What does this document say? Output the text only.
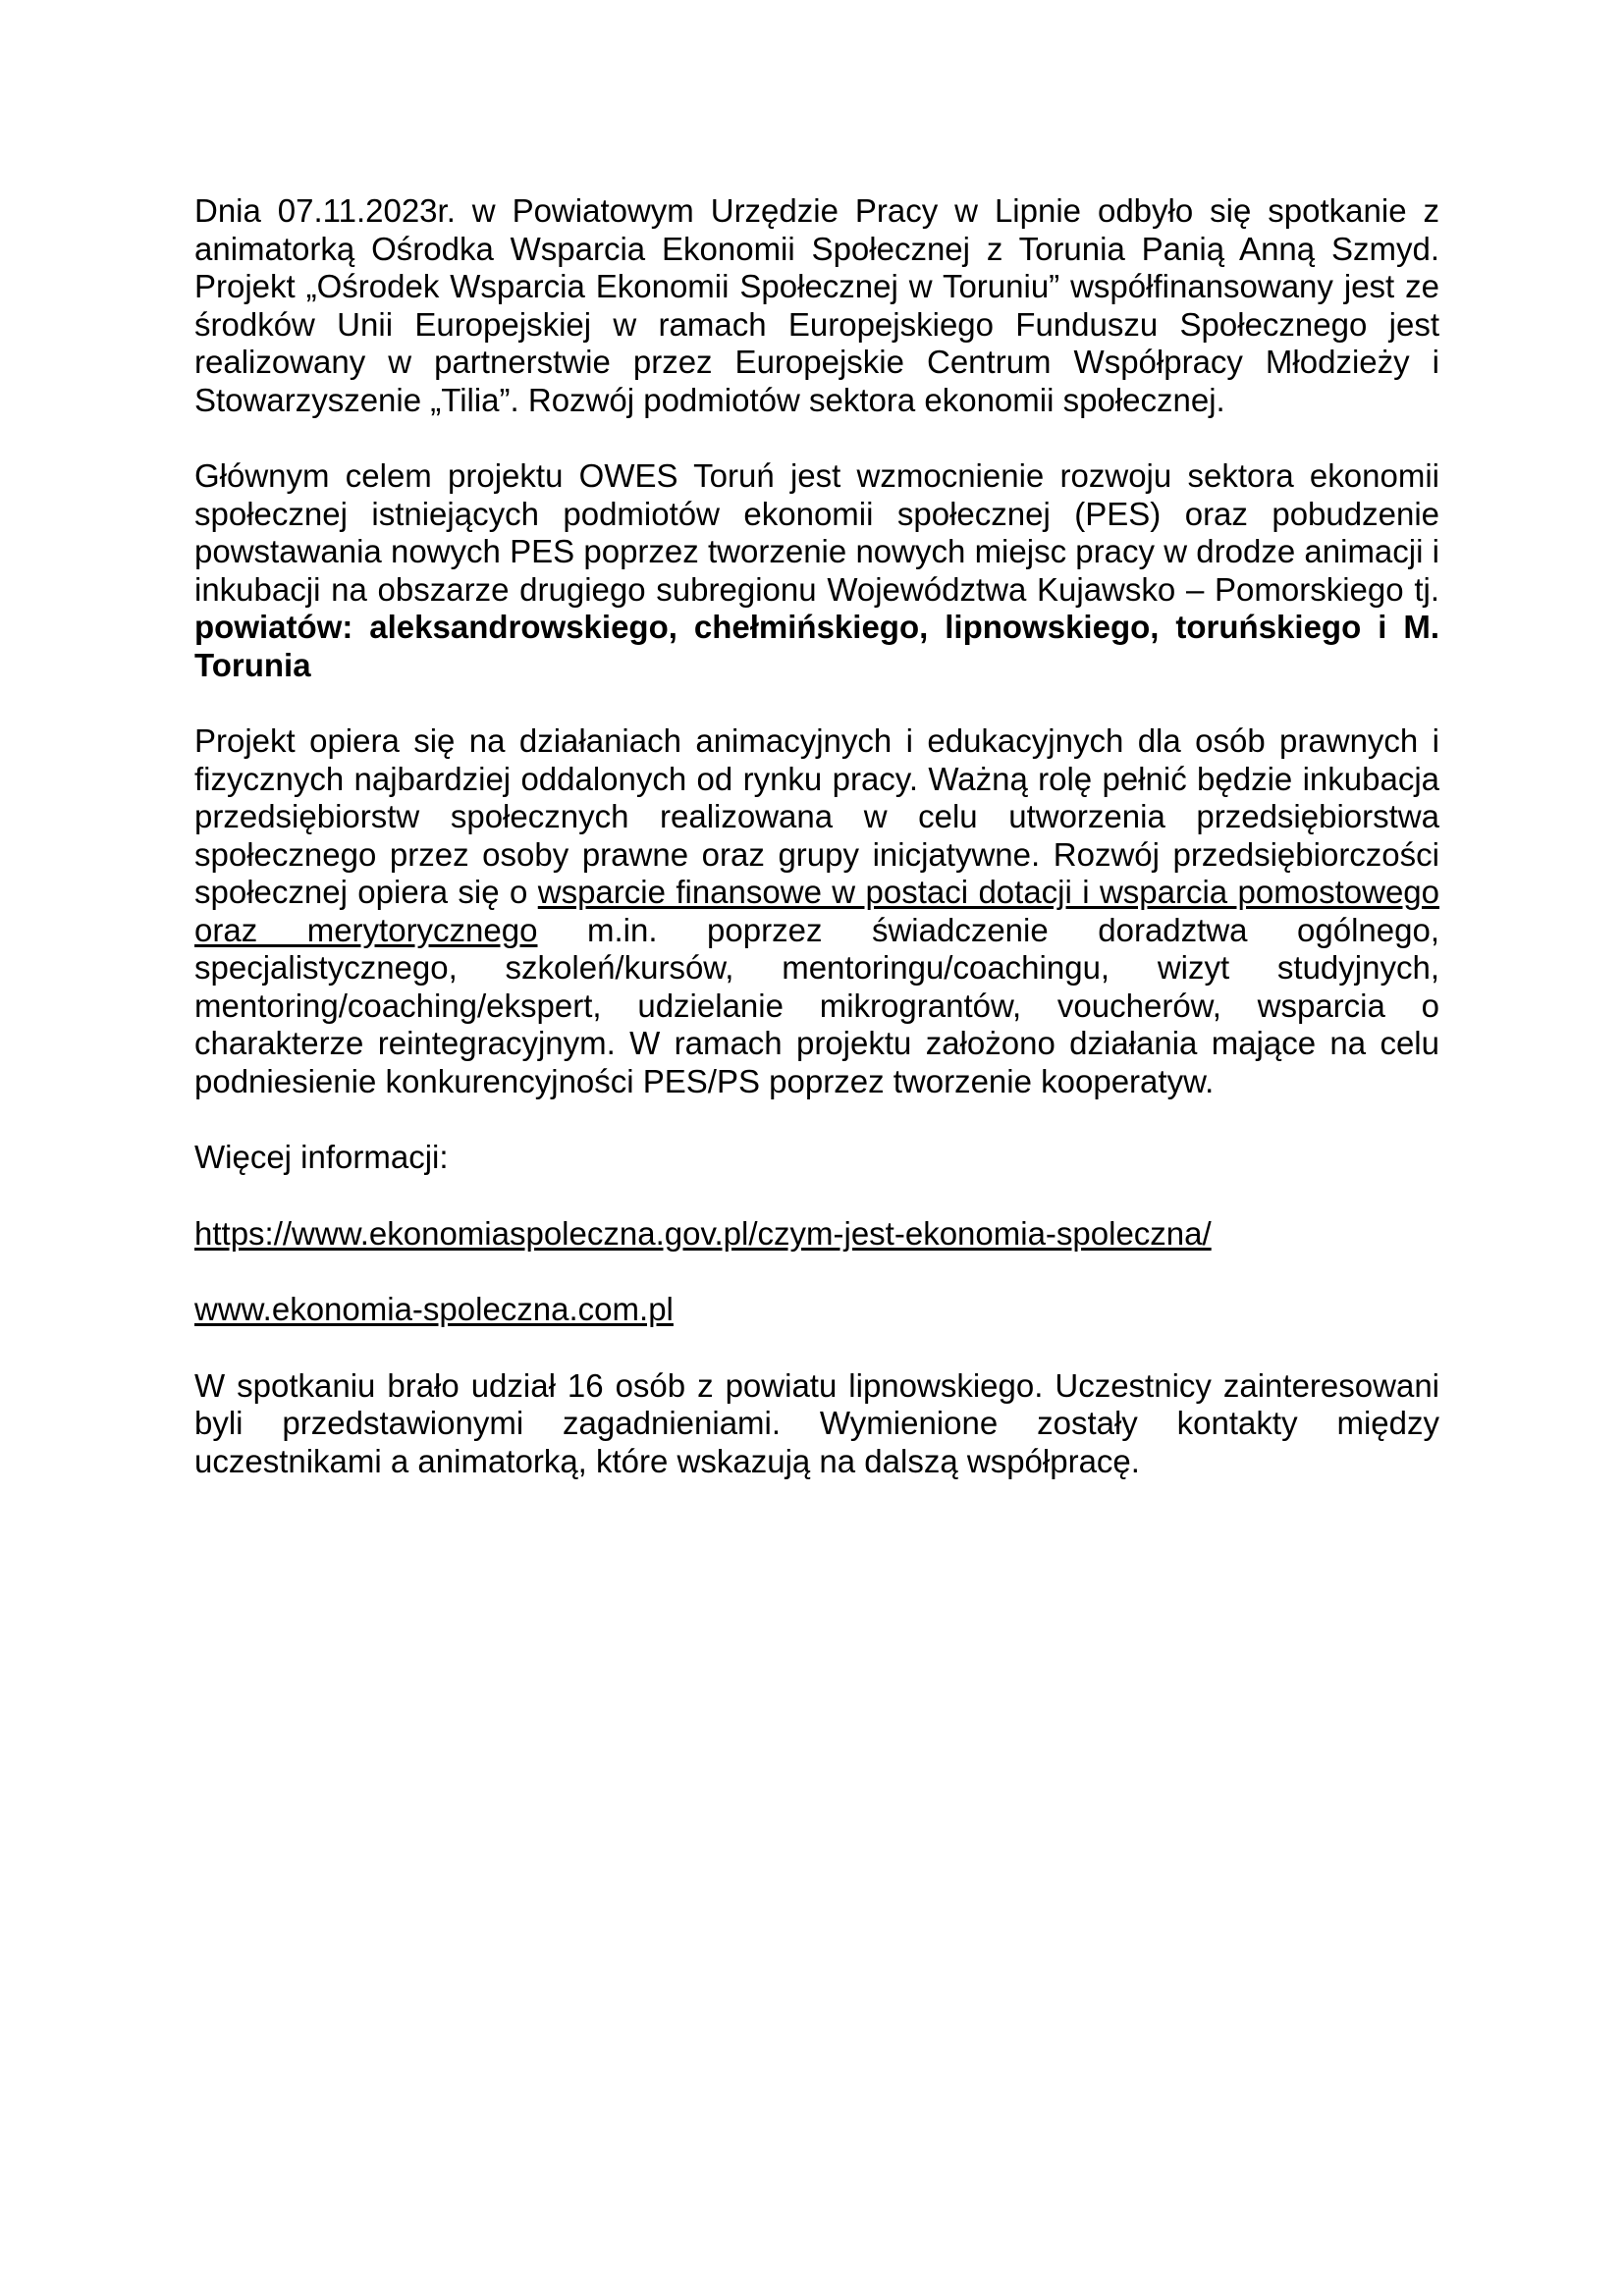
Dnia 07.11.2023r. w Powiatowym Urzędzie Pracy w Lipnie odbyło się spotkanie z animatorką Ośrodka Wsparcia Ekonomii Społecznej z Torunia Panią Anną Szmyd. Projekt „Ośrodek Wsparcia Ekonomii Społecznej w Toruniu” współfinansowany jest ze środków Unii Europejskiej w ramach Europejskiego Funduszu Społecznego jest realizowany w partnerstwie przez Europejskie Centrum Współpracy Młodzieży i Stowarzyszenie „Tilia”. Rozwój podmiotów sektora ekonomii społecznej.

Głównym celem projektu OWES Toruń jest wzmocnienie rozwoju sektora ekonomii społecznej istniejących podmiotów ekonomii społecznej (PES) oraz pobudzenie powstawania nowych PES poprzez tworzenie nowych miejsc pracy w drodze animacji i inkubacji na obszarze drugiego subregionu Województwa Kujawsko – Pomorskiego tj. powiatów: aleksandrowskiego, chełmińskiego, lipnowskiego, toruńskiego i M. Torunia

Projekt opiera się na działaniach animacyjnych i edukacyjnych dla osób prawnych i fizycznych najbardziej oddalonych od rynku pracy. Ważną rolę pełnić będzie inkubacja przedsiębiorstw społecznych realizowana w celu utworzenia przedsiębiorstwa społecznego przez osoby prawne oraz grupy inicjatywne. Rozwój przedsiębiorczości społecznej opiera się o wsparcie finansowe w postaci dotacji i wsparcia pomostowego oraz merytorycznego m.in. poprzez świadczenie doradztwa ogólnego, specjalistycznego, szkoleń/kursów, mentoringu/coachingu, wizyt studyjnych, mentoring/coaching/ekspert, udzielanie mikrograntów, voucherów, wsparcia o charakterze reintegracyjnym. W ramach projektu założono działania mające na celu podniesienie konkurencyjności PES/PS poprzez tworzenie kooperatyw.

Więcej informacji:

https://www.ekonomiaspoleczna.gov.pl/czym-jest-ekonomia-spoleczna/

www.ekonomia-spoleczna.com.pl

W spotkaniu brało udział 16 osób z powiatu lipnowskiego. Uczestnicy zainteresowani byli przedstawionymi zagadnieniami. Wymienione zostały kontakty między uczestnikami a animatorką, które wskazują na dalszą współpracę.
